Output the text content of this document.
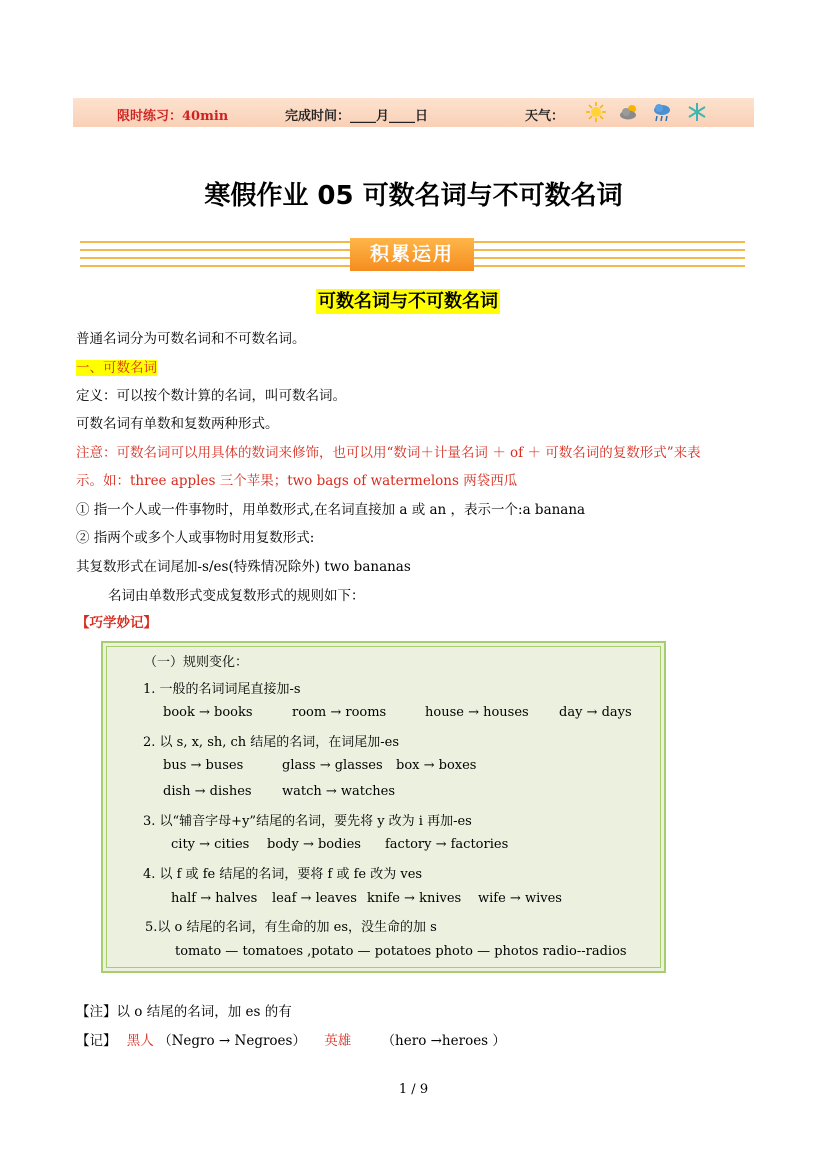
限时练习：40min	完成时间：____月____日	天气：
寒假作业 05 可数名词与不可数名词
积累运用
可数名词与不可数名词
普通名词分为可数名词和不可数名词。
一、可数名词
定义：可以按个数计算的名词，叫可数名词。
可数名词有单数和复数两种形式。
注意：可数名词可以用具体的数词来修饰，也可以用“数词＋计量名词 ＋ of ＋ 可数名词的复数形式”来表
示。如：three apples 三个苹果；two bags of watermelons 两袋西瓜
① 指一个人或一件事物时，用单数形式,在名词直接加 a 或 an ，表示一个:a banana
② 指两个或多个人或事物时用复数形式:
其复数形式在词尾加-s/es(特殊情况除外) two bananas
名词由单数形式变成复数形式的规则如下：
【巧学妙记】
（一）规则变化：
1. 一般的名词词尾直接加-s
book → books	room → rooms	house → houses day → days
2. 以 s, x, sh, ch 结尾的名词，在词尾加-es
bus → buses	glass → glasses box → boxes
dish → dishes watch → watches
3. 以“辅音字母+y”结尾的名词，要先将 y 改为 i 再加-es
city → cities body → bodies factory → factories
4. 以 f 或 fe 结尾的名词，要将 f 或 fe 改为 ves
half → halves leaf → leaves knife → knives wife → wives
5.以 o 结尾的名词，有生命的加 es，没生命的加 s
tomato — tomatoes ,potato — potatoes photo — photos radio--radios
【注】以 o 结尾的名词，加 es 的有
【记】 黑人 （Negro → Negroes） 英雄 （hero →heroes ）
1 / 9
